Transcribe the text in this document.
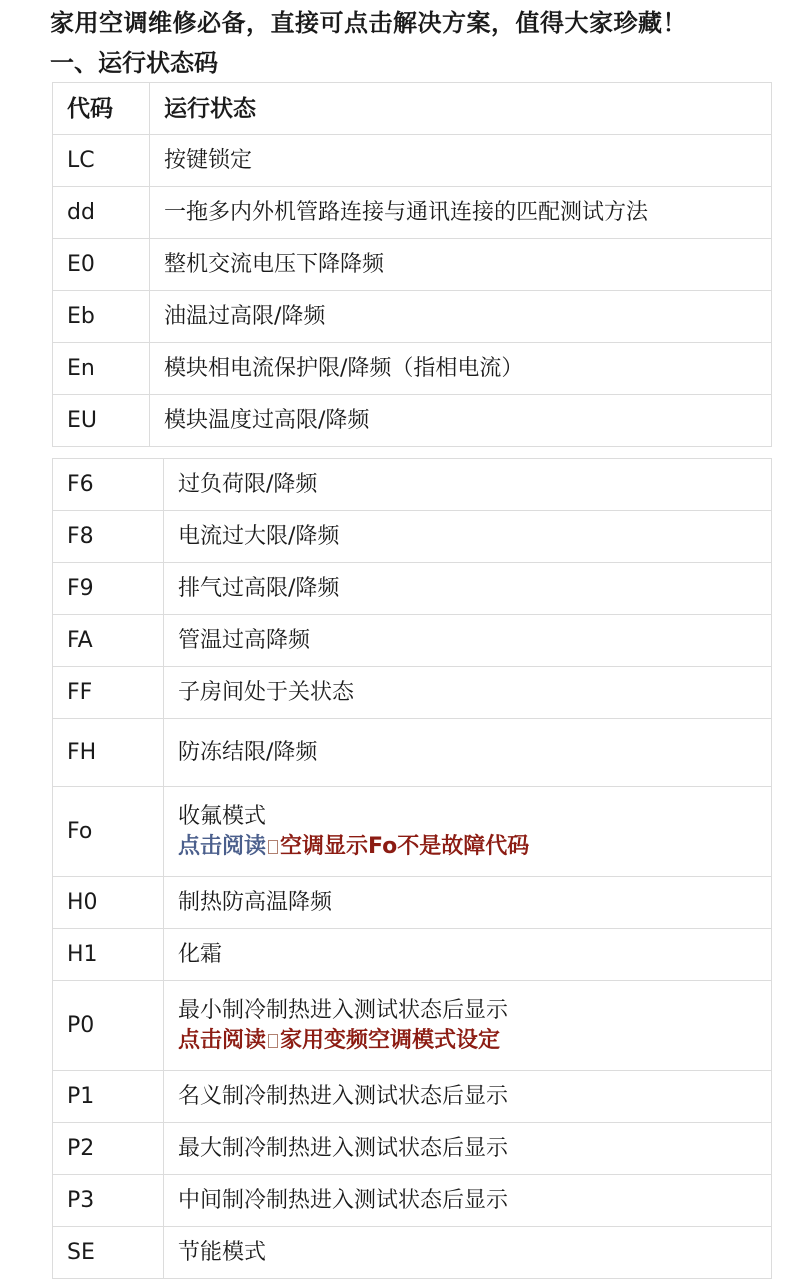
家用空调维修必备，直接可点击解决方案，值得大家珍藏！
一、运行状态码
代码	运行状态
LC	按键锁定
dd	一拖多内外机管路连接与通讯连接的匹配测试方法
E0	整机交流电压下降降频
Eb	油温过高限/降频
En	模块相电流保护限/降频（指相电流）
EU	模块温度过高限/降频
F6	过负荷限/降频
F8	电流过大限/降频
F9	排气过高限/降频
FA	管温过高降频
FF	子房间处于关状态
FH	防冻结限/降频
Fo	收氟模式
点击阅读 空调显示Fo不是故障代码

H0	制热防高温降频
H1	化霜
P0	最小制冷制热进入测试状态后显示
点击阅读 家用变频空调模式设定

P1	名义制冷制热进入测试状态后显示
P2	最大制冷制热进入测试状态后显示
P3	中间制冷制热进入测试状态后显示
SE	节能模式
